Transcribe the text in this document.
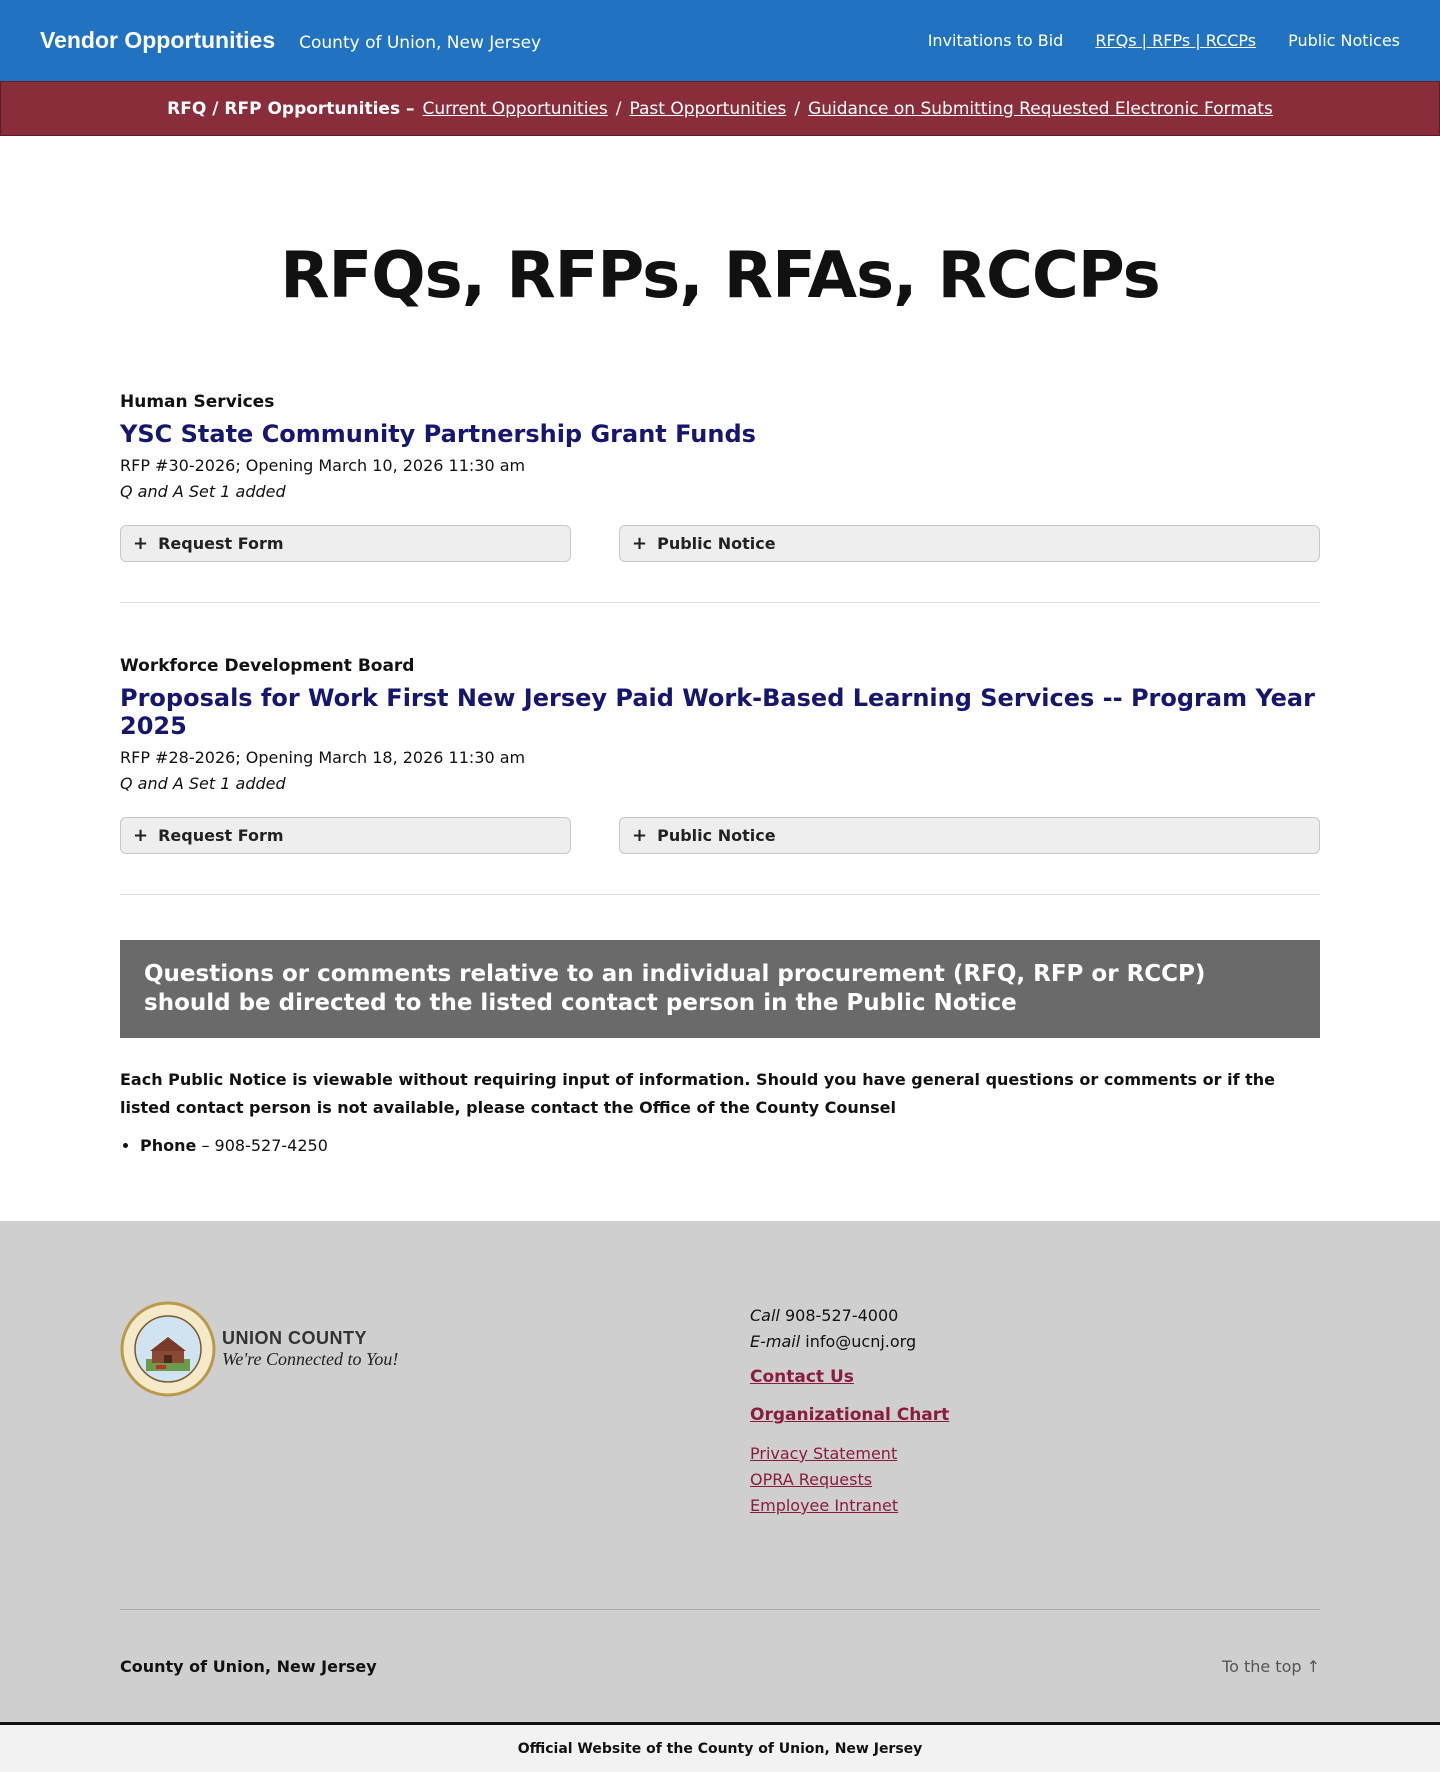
Vendor Opportunities County of Union, New Jersey	Invitations to Bid RFQs | RFPs | RCCPs Public Notices
RFQ / RFP Opportunities – Current Opportunities / Past Opportunities / Guidance on Submitting Requested Electronic Formats
RFQs, RFPs, RFAs, RCCPs
Human Services
YSC State Community Partnership Grant Funds
RFP #30-2026; Opening March 10, 2026 11:30 am
Q and A Set 1 added
+ Request Form	+ Public Notice
Workforce Development Board
Proposals for Work First New Jersey Paid Work-Based Learning Services -- Program Year 2025
RFP #28-2026; Opening March 18, 2026 11:30 am
Q and A Set 1 added
+ Request Form	+ Public Notice
Questions or comments relative to an individual procurement (RFQ, RFP or RCCP) should be directed to the listed contact person in the Public Notice

Each Public Notice is viewable without requiring input of information. Should you have general questions or comments or if the listed contact person is not available, please contact the Office of the County Counsel

• Phone – 908-527-4250
UNION COUNTY
We're Connected to You!
Call 908-527-4000
E-mail info@ucnj.org
Contact Us
Organizational Chart
Privacy Statement
OPRA Requests
Employee Intranet
County of Union, New Jersey	To the top ↑
Official Website of the County of Union, New Jersey
